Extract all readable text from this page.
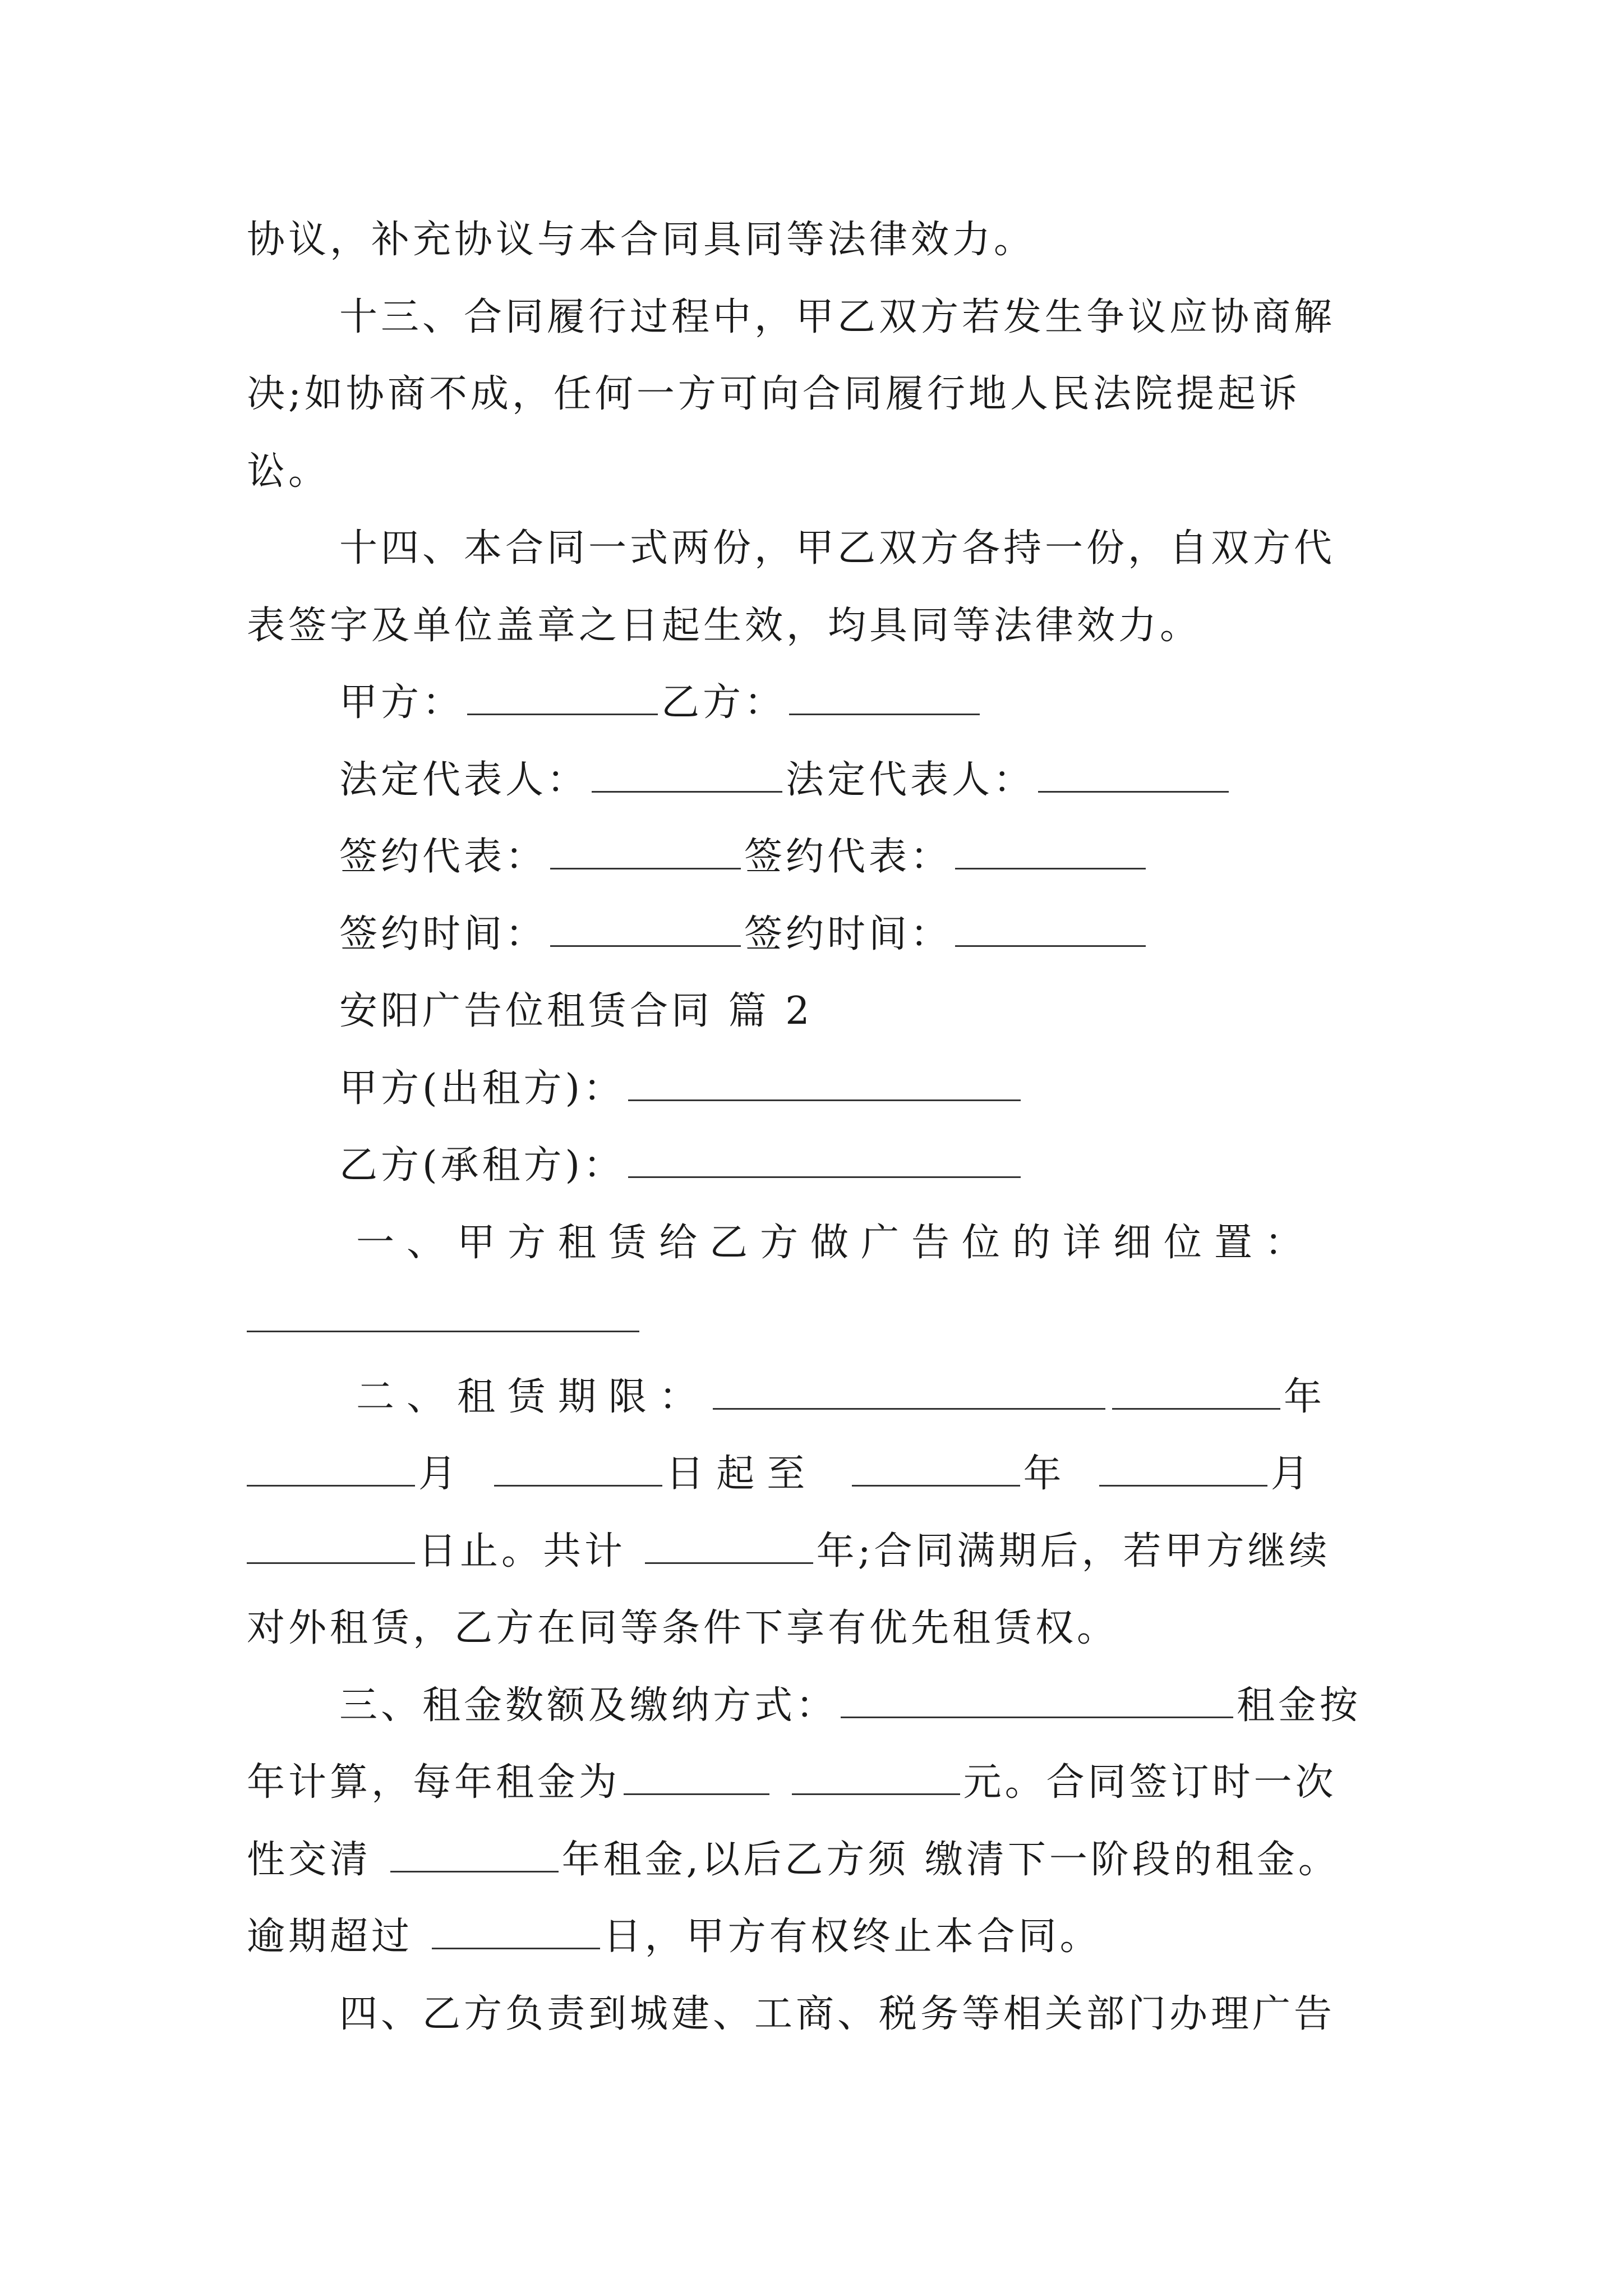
协议，补充协议与本合同具同等法律效力。
十三、合同履行过程中，甲乙双方若发生争议应协商解
决;如协商不成，任何一方可向合同履行地人民法院提起诉
讼。
十四、本合同一式两份，甲乙双方各持一份，自双方代
表签字及单位盖章之日起生效，均具同等法律效力。
甲方：	乙方：
法定代表人：	法定代表人：
签约代表：	签约代表：
签约时间：	签约时间：
安阳广告位租赁合同 篇 2
甲方(出租方)：
乙方(承租方)：
一、甲方租赁给乙方做广告位的详细位置：
二、租赁期限：	年
月	日起至	年	月
日止。共计	年;合同满期后，若甲方继续
对外租赁，乙方在同等条件下享有优先租赁权。
三、租金数额及缴纳方式：	租金按
年计算，每年租金为	元。合同签订时一次
性交清	年租金,以后乙方须 缴清下一阶段的租金。
逾期超过	日，甲方有权终止本合同。
四、乙方负责到城建、工商、税务等相关部门办理广告
